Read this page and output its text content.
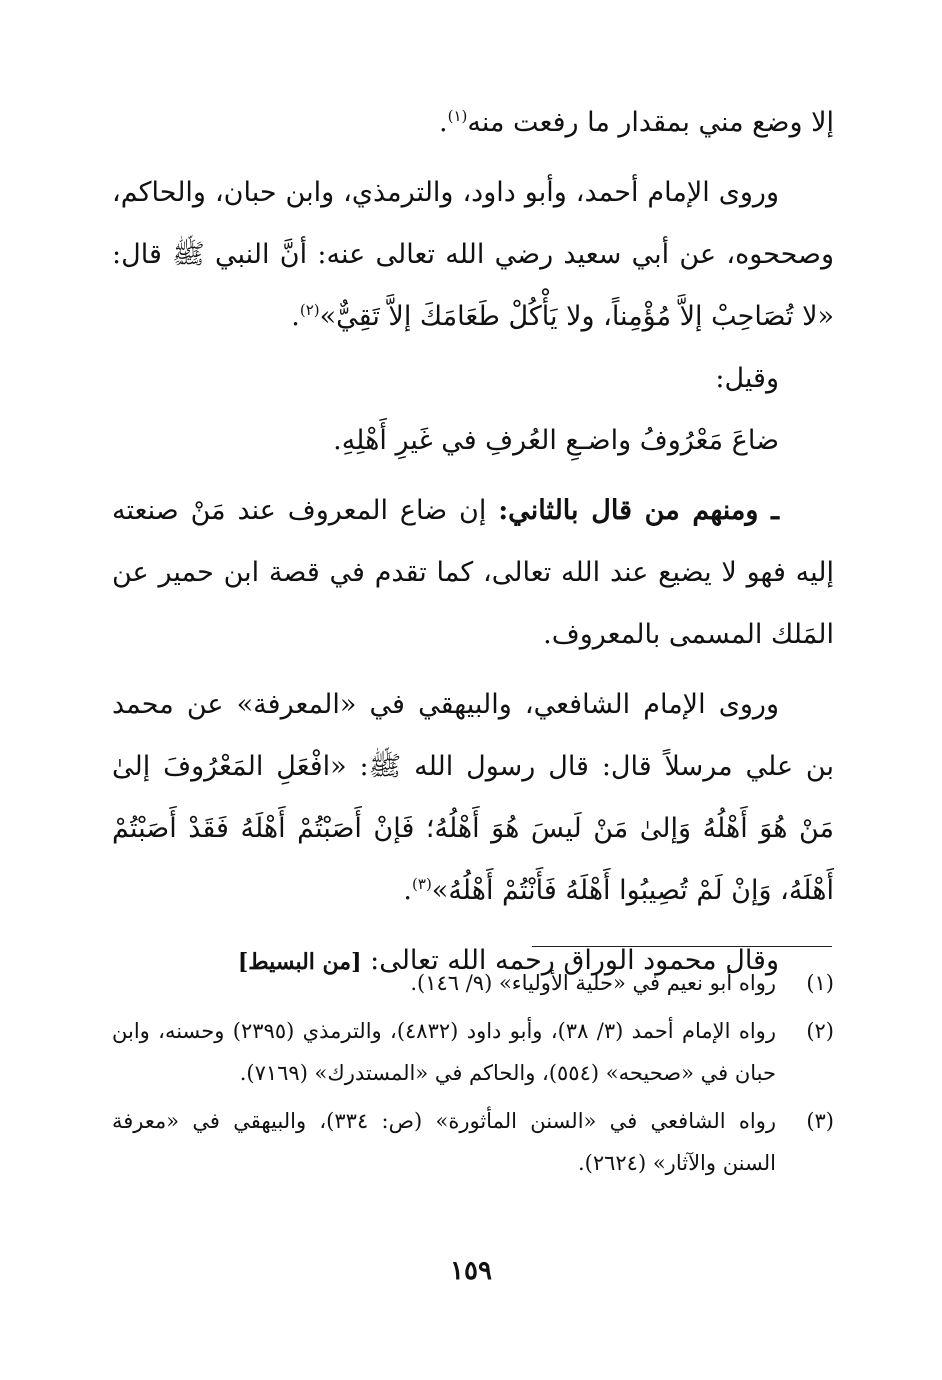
إلا وضع مني بمقدار ما رفعت منه$^{(١)}$.

وروى الإمام أحمد، وأبو داود، والترمذي، وابن حبان، والحاكم، وصححوه، عن أبي سعيد رضي الله تعالى عنه: أنَّ النبي ﷺ قال: «لا تُصَاحِبْ إلاَّ مُؤْمِناً، ولا يَأْكُلْ طَعَامَكَ إلاَّ تَقِيٌّ»$^{(٢)}$.

وقيل:

ضاعَ مَعْرُوفُ واضـعِ العُرفِ في غَيرِ أَهْلِهِ.

ـ ومنهم من قال بالثاني: إن ضاع المعروف عند مَنْ صنعته إليه فهو لا يضيع عند الله تعالى، كما تقدم في قصة ابن حمير عن المَلك المسمى بالمعروف.

وروى الإمام الشافعي، والبيهقي في «المعرفة» عن محمد بن علي مرسلاً قال: قال رسول الله ﷺ: «افْعَلِ المَعْرُوفَ إلىٰ مَنْ هُوَ أَهْلُهُ وَإلىٰ مَنْ لَيسَ هُوَ أَهْلُهُ؛ فَإنْ أَصَبْتُمْ أَهْلَهُ فَقَدْ أَصَبْتُمْ أَهْلَهُ، وَإنْ لَمْ تُصِيبُوا أَهْلَهُ فَأَنْتُمْ أَهْلُهُ»$^{(٣)}$.

وقال محمود الوراق رحمه الله تعالى: [من البسيط]

(١)
رواه أبو نعيم في «حلية الأولياء» (٩/ ١٤٦).
(٢)
رواه الإمام أحمد (٣/ ٣٨)، وأبو داود (٤٨٣٢)، والترمذي (٢٣٩٥) وحسنه، وابن حبان في «صحيحه» (٥٥٤)، والحاكم في «المستدرك» (٧١٦٩).
(٣)
رواه الشافعي في «السنن المأثورة» (ص: ٣٣٤)، والبيهقي في «معرفة السنن والآثار» (٢٦٢٤).
١٥٩
